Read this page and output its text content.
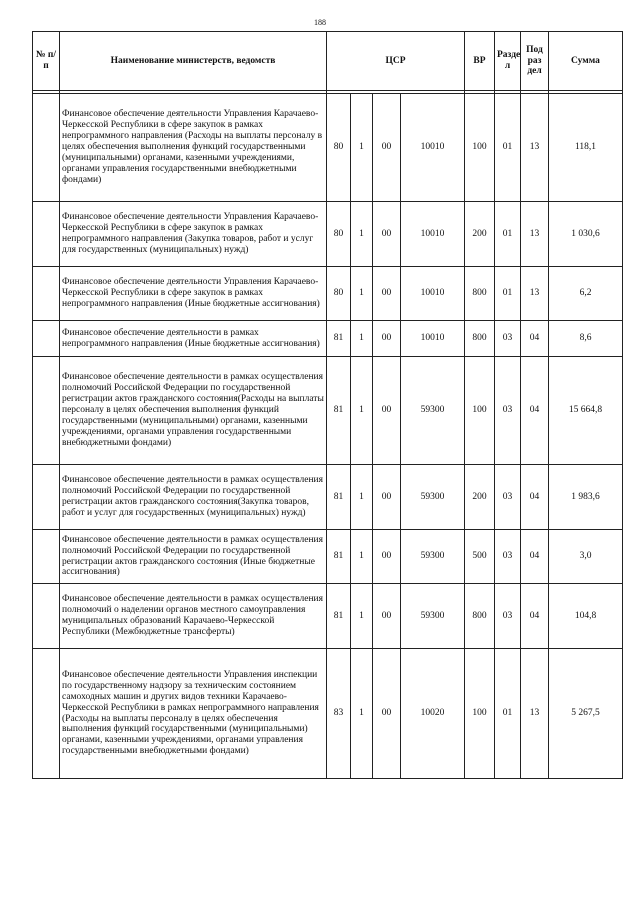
188
№ п/п	Наименование министерств, ведомств	ЦСР				ВР	Разде л	Под раз дел	Сумма

	Финансовое обеспечение деятельности Управления Карачаево-Черкесской Республики в сфере закупок в рамках непрограммного направления (Расходы на выплаты персоналу в целях обеспечения выполнения функций государственными (муниципальными) органами, казенными учреждениями, органами управления государственными внебюджетными фондами)	80	1	00	10010	100	01	13	118,1
	Финансовое обеспечение деятельности Управления Карачаево-Черкесской Республики в сфере закупок в рамках непрограммного направления (Закупка товаров, работ и услуг для государственных (муниципальных) нужд)	80	1	00	10010	200	01	13	1 030,6
	Финансовое обеспечение деятельности Управления Карачаево-Черкесской Республики в сфере закупок в рамках непрограммного направления (Иные бюджетные ассигнования)	80	1	00	10010	800	01	13	6,2
	Финансовое обеспечение деятельности в рамках непрограммного направления (Иные бюджетные ассигнования)	81	1	00	10010	800	03	04	8,6
	Финансовое обеспечение деятельности в рамках осуществления полномочий Российской Федерации по государственной регистрации актов гражданского состояния(Расходы на выплаты персоналу в целях обеспечения выполнения функций государственными (муниципальными) органами, казенными учреждениями, органами управления государственными внебюджетными фондами)	81	1	00	59300	100	03	04	15 664,8
	Финансовое обеспечение деятельности в рамках осуществления полномочий Российской Федерации по государственной регистрации актов гражданского состояния(Закупка товаров, работ и услуг для государственных (муниципальных) нужд)	81	1	00	59300	200	03	04	1 983,6
	Финансовое обеспечение деятельности в рамках осуществления полномочий Российской Федерации по государственной регистрации актов гражданского состояния (Иные бюджетные ассигнования)	81	1	00	59300	500	03	04	3,0
	Финансовое обеспечение деятельности в рамках осуществления полномочий о наделении органов местного самоуправления муниципальных образований Карачаево-Черкесской Республики (Межбюджетные трансферты)	81	1	00	59300	800	03	04	104,8
	Финансовое обеспечение деятельности Управления инспекции по государственному надзору за техническим состоянием самоходных машин и других видов техники Карачаево-Черкесской Республики в рамках непрограммного направления (Расходы на выплаты персоналу в целях обеспечения выполнения функций государственными (муниципальными) органами, казенными учреждениями, органами управления государственными внебюджетными фондами)	83	1	00	10020	100	01	13	5 267,5
